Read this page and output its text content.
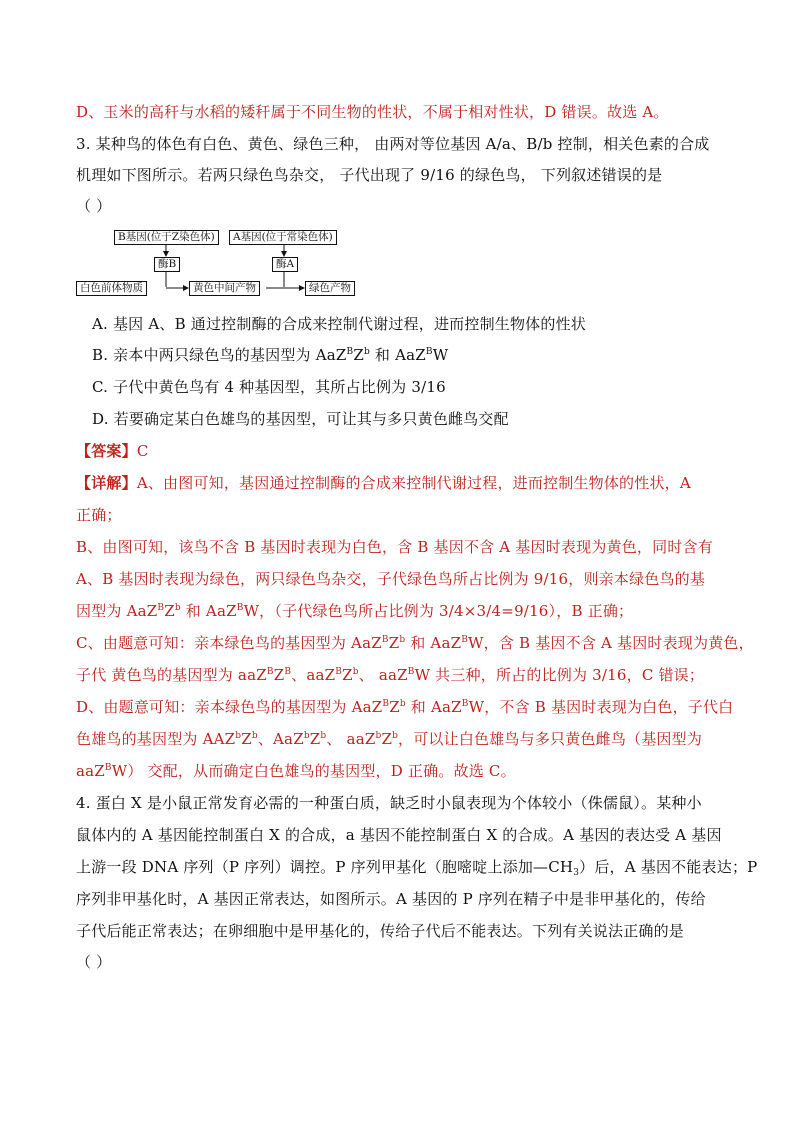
D、玉米的高秆与水稻的矮秆属于不同生物的性状，不属于相对性状，D 错误。故选 A。
3. 某种鸟的体色有白色、黄色、绿色三种， 由两对等位基因 A/a、B/b 控制，相关色素的合成
机理如下图所示。若两只绿色鸟杂交， 子代出现了 9/16 的绿色鸟， 下列叙述错误的是
（ ）
B基因(位于Z染色体)	A基因(位于常染色体)
酶B	酶A
白色前体物质	黄色中间产物	绿色产物
A. 基因 A、B 通过控制酶的合成来控制代谢过程，进而控制生物体的性状
B. 亲本中两只绿色鸟的基因型为 $AaZ^BZ^b$ 和 AaZ$^B$W
C. 子代中黄色鸟有 4 种基因型，其所占比例为 3/16
D. 若要确定某白色雄鸟的基因型，可让其与多只黄色雌鸟交配
【答案】C
【详解】A、由图可知，基因通过控制酶的合成来控制代谢过程，进而控制生物体的性状，A
正确；
B、由图可知，该鸟不含 B 基因时表现为白色，含 B 基因不含 A 基因时表现为黄色，同时含有
A、B 基因时表现为绿色，两只绿色鸟杂交，子代绿色鸟所占比例为 9/16，则亲本绿色鸟的基
因型为 $AaZ^BZ^b$ 和 AaZ$^B$W，（子代绿色鸟所占比例为 3/4×3/4=9/16），B 正确；
C、由题意可知：亲本绿色鸟的基因型为 $AaZ^BZ^b$ 和 AaZ$^B$W，含 B 基因不含 A 基因时表现为黄色，
子代 黄色鸟的基因型为 $aaZ^BZ^B$、$aaZ^BZ^b$、 aaZ$^B$W 共三种，所占的比例为 3/16，C 错误；
D、由题意可知：亲本绿色鸟的基因型为 $AaZ^BZ^b$ 和 AaZ$^B$W，不含 B 基因时表现为白色，子代白
色雄鸟的基因型为 $AAZ^bZ^b$、$AaZ^bZ^b$、 $aaZ^bZ^b$，可以让白色雄鸟与多只黄色雌鸟（基因型为
aaZ$^B$W） 交配，从而确定白色雄鸟的基因型，D 正确。故选 C。
4. 蛋白 X 是小鼠正常发育必需的一种蛋白质，缺乏时小鼠表现为个体较小（侏儒鼠）。某种小
鼠体内的 A 基因能控制蛋白 X 的合成，a 基因不能控制蛋白 X 的合成。A 基因的表达受 A 基因
上游一段 DNA 序列（P 序列）调控。P 序列甲基化（胞嘧啶上添加$—CH_3$）后，A 基因不能表达；P
序列非甲基化时，A 基因正常表达，如图所示。A 基因的 P 序列在精子中是非甲基化的，传给
子代后能正常表达；在卵细胞中是甲基化的，传给子代后不能表达。下列有关说法正确的是
（ ）
